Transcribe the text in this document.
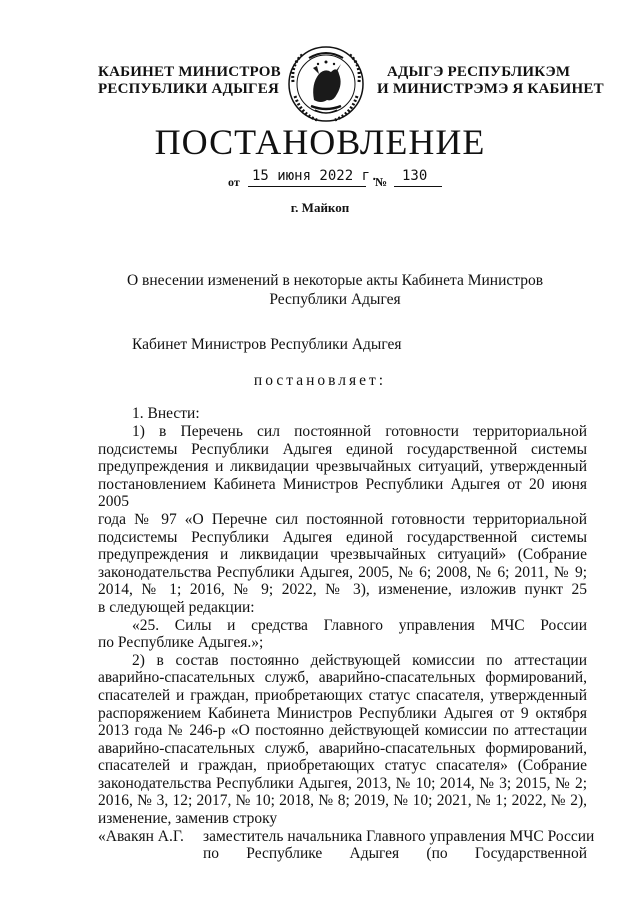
КАБИНЕТ МИНИСТРОВ
РЕСПУБЛИКИ АДЫГЕЯ
АДЫГЭ РЕСПУБЛИКЭМ
И МИНИСТРЭМЭ Я КАБИНЕТ
ПОСТАНОВЛЕНИЕ
от 15 июня 2022 г.
№ 130
г. Майкоп
О внесении изменений в некоторые акты Кабинета Министров Республики Адыгея
Кабинет Министров Республики Адыгея
постановляет:
1. Внести:
1) в Перечень сил постоянной готовности территориальной
подсистемы Республики Адыгея единой государственной системы
предупреждения и ликвидации чрезвычайных ситуаций, утвержденный
постановлением Кабинета Министров Республики Адыгея от 20 июня 2005
года № 97 «О Перечне сил постоянной готовности территориальной
подсистемы Республики Адыгея единой государственной системы
предупреждения и ликвидации чрезвычайных ситуаций» (Собрание
законодательства Республики Адыгея, 2005, № 6; 2008, № 6; 2011, № 9;
2014, № 1; 2016, № 9; 2022, № 3), изменение, изложив пункт 25
в следующей редакции:
«25. Силы и средства Главного управления МЧС России
по Республике Адыгея.»;
2) в состав постоянно действующей комиссии по аттестации
аварийно-спасательных служб, аварийно-спасательных формирований,
спасателей и граждан, приобретающих статус спасателя, утвержденный
распоряжением Кабинета Министров Республики Адыгея от 9 октября
2013 года № 246-р «О постоянно действующей комиссии по аттестации
аварийно-спасательных служб, аварийно-спасательных формирований,
спасателей и граждан, приобретающих статус спасателя» (Собрание
законодательства Республики Адыгея, 2013, № 10; 2014, № 3; 2015, № 2;
2016, № 3, 12; 2017, № 10; 2018, № 8; 2019, № 10; 2021, № 1; 2022, № 2),
изменение, заменив строку
«Авакян А.Г. заместитель начальника Главного управления МЧС России
по Республике Адыгея (по Государственной
